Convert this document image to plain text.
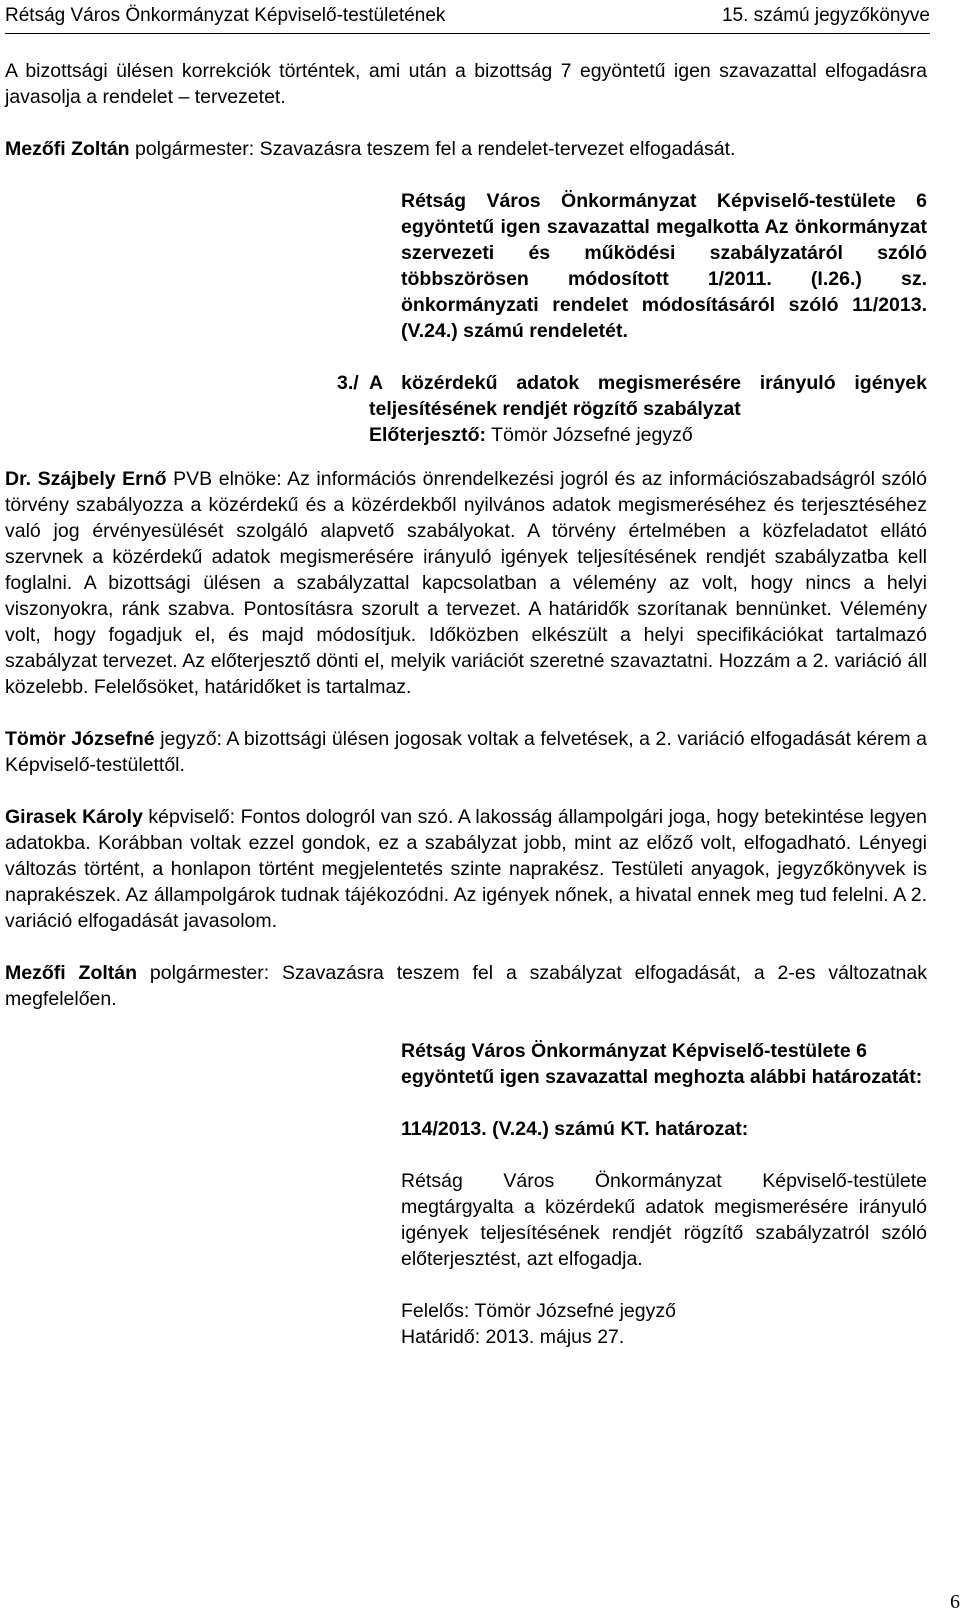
Rétság Város Önkormányzat Képviselő-testületének	15. számú jegyzőkönyve

A bizottsági ülésen korrekciók történtek, ami után a bizottság 7 egyöntetű igen szavazattal elfogadásra javasolja a rendelet – tervezetet.

Mezőfi Zoltán polgármester: Szavazásra teszem fel a rendelet-tervezet elfogadását.

Rétság Város Önkormányzat Képviselő-testülete 6 egyöntetű igen szavazattal megalkotta Az önkormányzat szervezeti és működési szabályzatáról szóló többszörösen módosított 1/2011. (I.26.) sz. önkormányzati rendelet módosításáról szóló 11/2013. (V.24.) számú rendeletét.

3./ A közérdekű adatok megismerésére irányuló igények teljesítésének rendjét rögzítő szabályzat

Előterjesztő: Tömör Józsefné jegyző

Dr. Szájbely Ernő PVB elnöke: Az információs önrendelkezési jogról és az információszabadságról szóló törvény szabályozza a közérdekű és a közérdekből nyilvános adatok megismeréséhez és terjesztéséhez való jog érvényesülését szolgáló alapvető szabályokat. A törvény értelmében a közfeladatot ellátó szervnek a közérdekű adatok megismerésére irányuló igények teljesítésének rendjét szabályzatba kell foglalni. A bizottsági ülésen a szabályzattal kapcsolatban a vélemény az volt, hogy nincs a helyi viszonyokra, ránk szabva. Pontosításra szorult a tervezet. A határidők szorítanak bennünket. Vélemény volt, hogy fogadjuk el, és majd módosítjuk. Időközben elkészült a helyi specifikációkat tartalmazó szabályzat tervezet. Az előterjesztő dönti el, melyik variációt szeretné szavaztatni. Hozzám a 2. variáció áll közelebb. Felelősöket, határidőket is tartalmaz.

Tömör Józsefné jegyző: A bizottsági ülésen jogosak voltak a felvetések, a 2. variáció elfogadását kérem a Képviselő-testülettől.

Girasek Károly képviselő: Fontos dologról van szó. A lakosság állampolgári joga, hogy betekintése legyen adatokba. Korábban voltak ezzel gondok, ez a szabályzat jobb, mint az előző volt, elfogadható. Lényegi változás történt, a honlapon történt megjelentetés szinte naprakész. Testületi anyagok, jegyzőkönyvek is naprakészek. Az állampolgárok tudnak tájékozódni. Az igények nőnek, a hivatal ennek meg tud felelni. A 2. variáció elfogadását javasolom.

Mezőfi Zoltán polgármester: Szavazásra teszem fel a szabályzat elfogadását, a 2-es változatnak megfelelően.

Rétság Város Önkormányzat Képviselő-testülete 6 egyöntetű igen szavazattal meghozta alábbi határozatát:

114/2013. (V.24.) számú KT. határozat:

Rétság Város Önkormányzat Képviselő-testülete megtárgyalta a közérdekű adatok megismerésére irányuló igények teljesítésének rendjét rögzítő szabályzatról szóló előterjesztést, azt elfogadja.

Felelős: Tömör Józsefné jegyző

Határidő: 2013. május 27.

6
